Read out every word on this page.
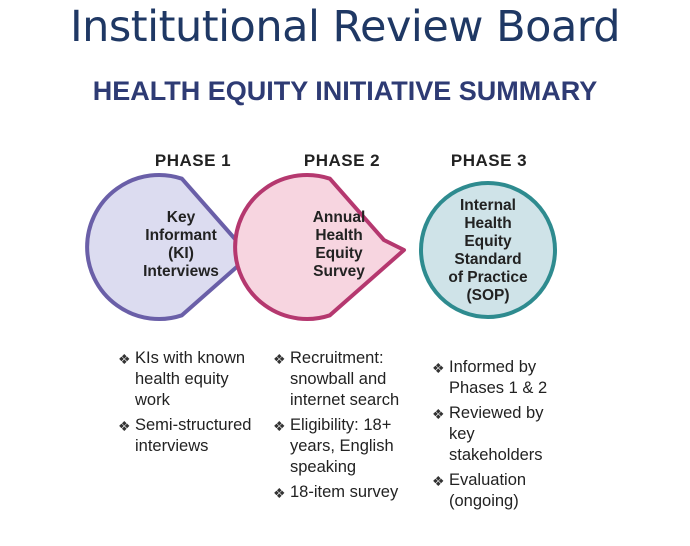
Institutional Review Board
HEALTH EQUITY INITIATIVE SUMMARY
PHASE 1	PHASE 2	PHASE 3
Key
Informant
(KI)
Interviews
Annual
Health
Equity
Survey
Internal
Health
Equity
Standard
of Practice
(SOP)
❖ KIs with known
health equity
work
❖ Semi-structured
interviews
❖ Recruitment:
snowball and
internet search
❖ Eligibility: 18+
years, English
speaking
❖ 18-item survey
❖ Informed by
Phases 1 & 2
❖ Reviewed by
key
stakeholders
❖ Evaluation
(ongoing)
